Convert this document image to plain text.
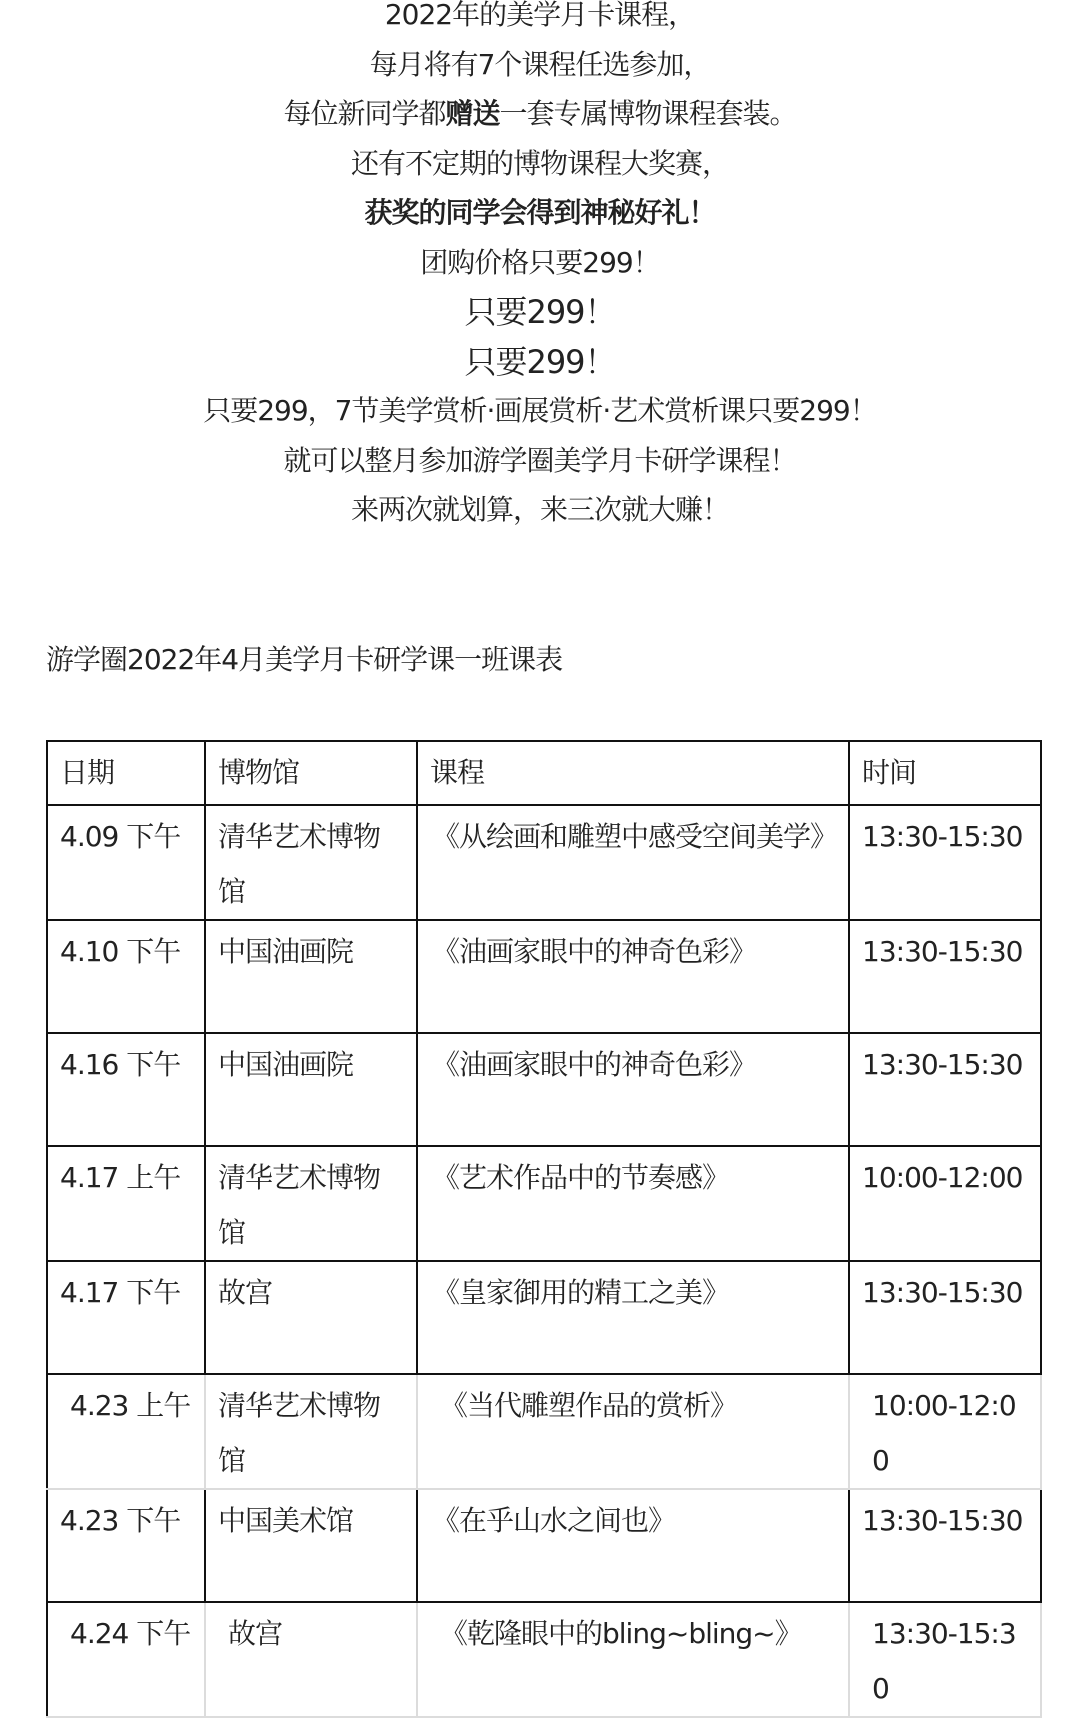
2022年的美学月卡课程，
每月将有7个课程任选参加，
每位新同学都赠送一套专属博物课程套装。
还有不定期的博物课程大奖赛，
获奖的同学会得到神秘好礼！
团购价格只要299！
只要299！
只要299！
只要299，7节美学赏析·画展赏析·艺术赏析课只要299！
就可以整月参加游学圈美学月卡研学课程！
来两次就划算，来三次就大赚！
游学圈2022年4月美学月卡研学课一班课表
日期	博物馆	课程	时间
4.09 下午	清华艺术博物馆	《从绘画和雕塑中感受空间美学》	13:30-15:30
4.10 下午	中国油画院	《油画家眼中的神奇色彩》	13:30-15:30
4.16 下午	中国油画院	《油画家眼中的神奇色彩》	13:30-15:30
4.17 上午	清华艺术博物馆	《艺术作品中的节奏感》	10:00-12:00
4.17 下午	故宫	《皇家御用的精工之美》	13:30-15:30
4.23 上午	清华艺术博物馆	《当代雕塑作品的赏析》	10:00-12:00
4.23 下午	中国美术馆	《在乎山水之间也》	13:30-15:30
4.24 下午	故宫	《乾隆眼中的bling~bling~》	13:30-15:30
